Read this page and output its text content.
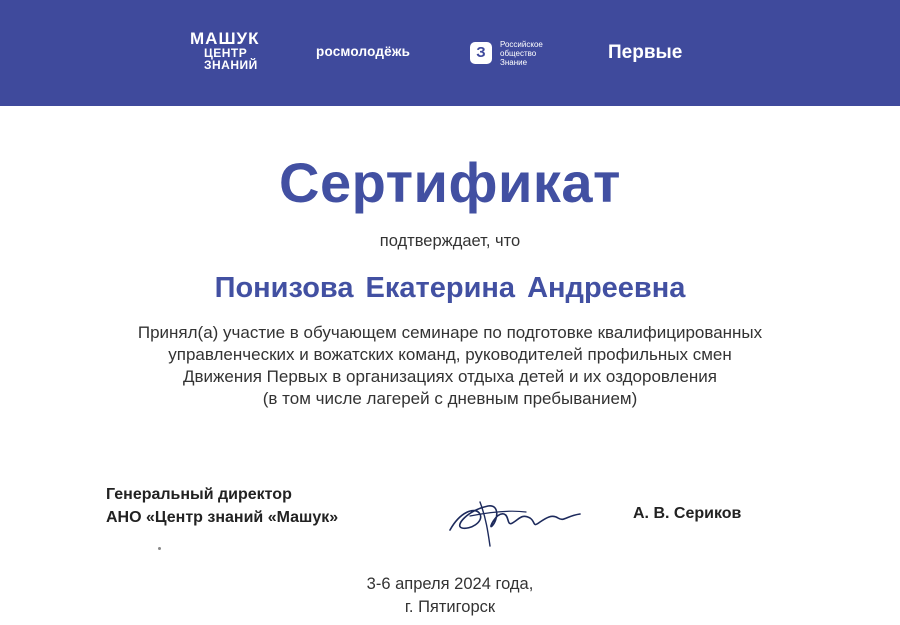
МАШУК
ЦЕНТР
ЗНАНИЙ
росмолодёжь	З	Российское
общество
Знание	Первые
Сертификат
подтверждает, что
Понизова Екатерина Андреевна
Принял(а) участие в обучающем семинаре по подготовке квалифицированных
управленческих и вожатских команд, руководителей профильных смен
Движения Первых в организациях отдыха детей и их оздоровления
(в том числе лагерей с дневным пребыванием)
Генеральный директор
АНО «Центр знаний «Машук»	А. В. Сериков
3-6 апреля 2024 года,
г. Пятигорск
